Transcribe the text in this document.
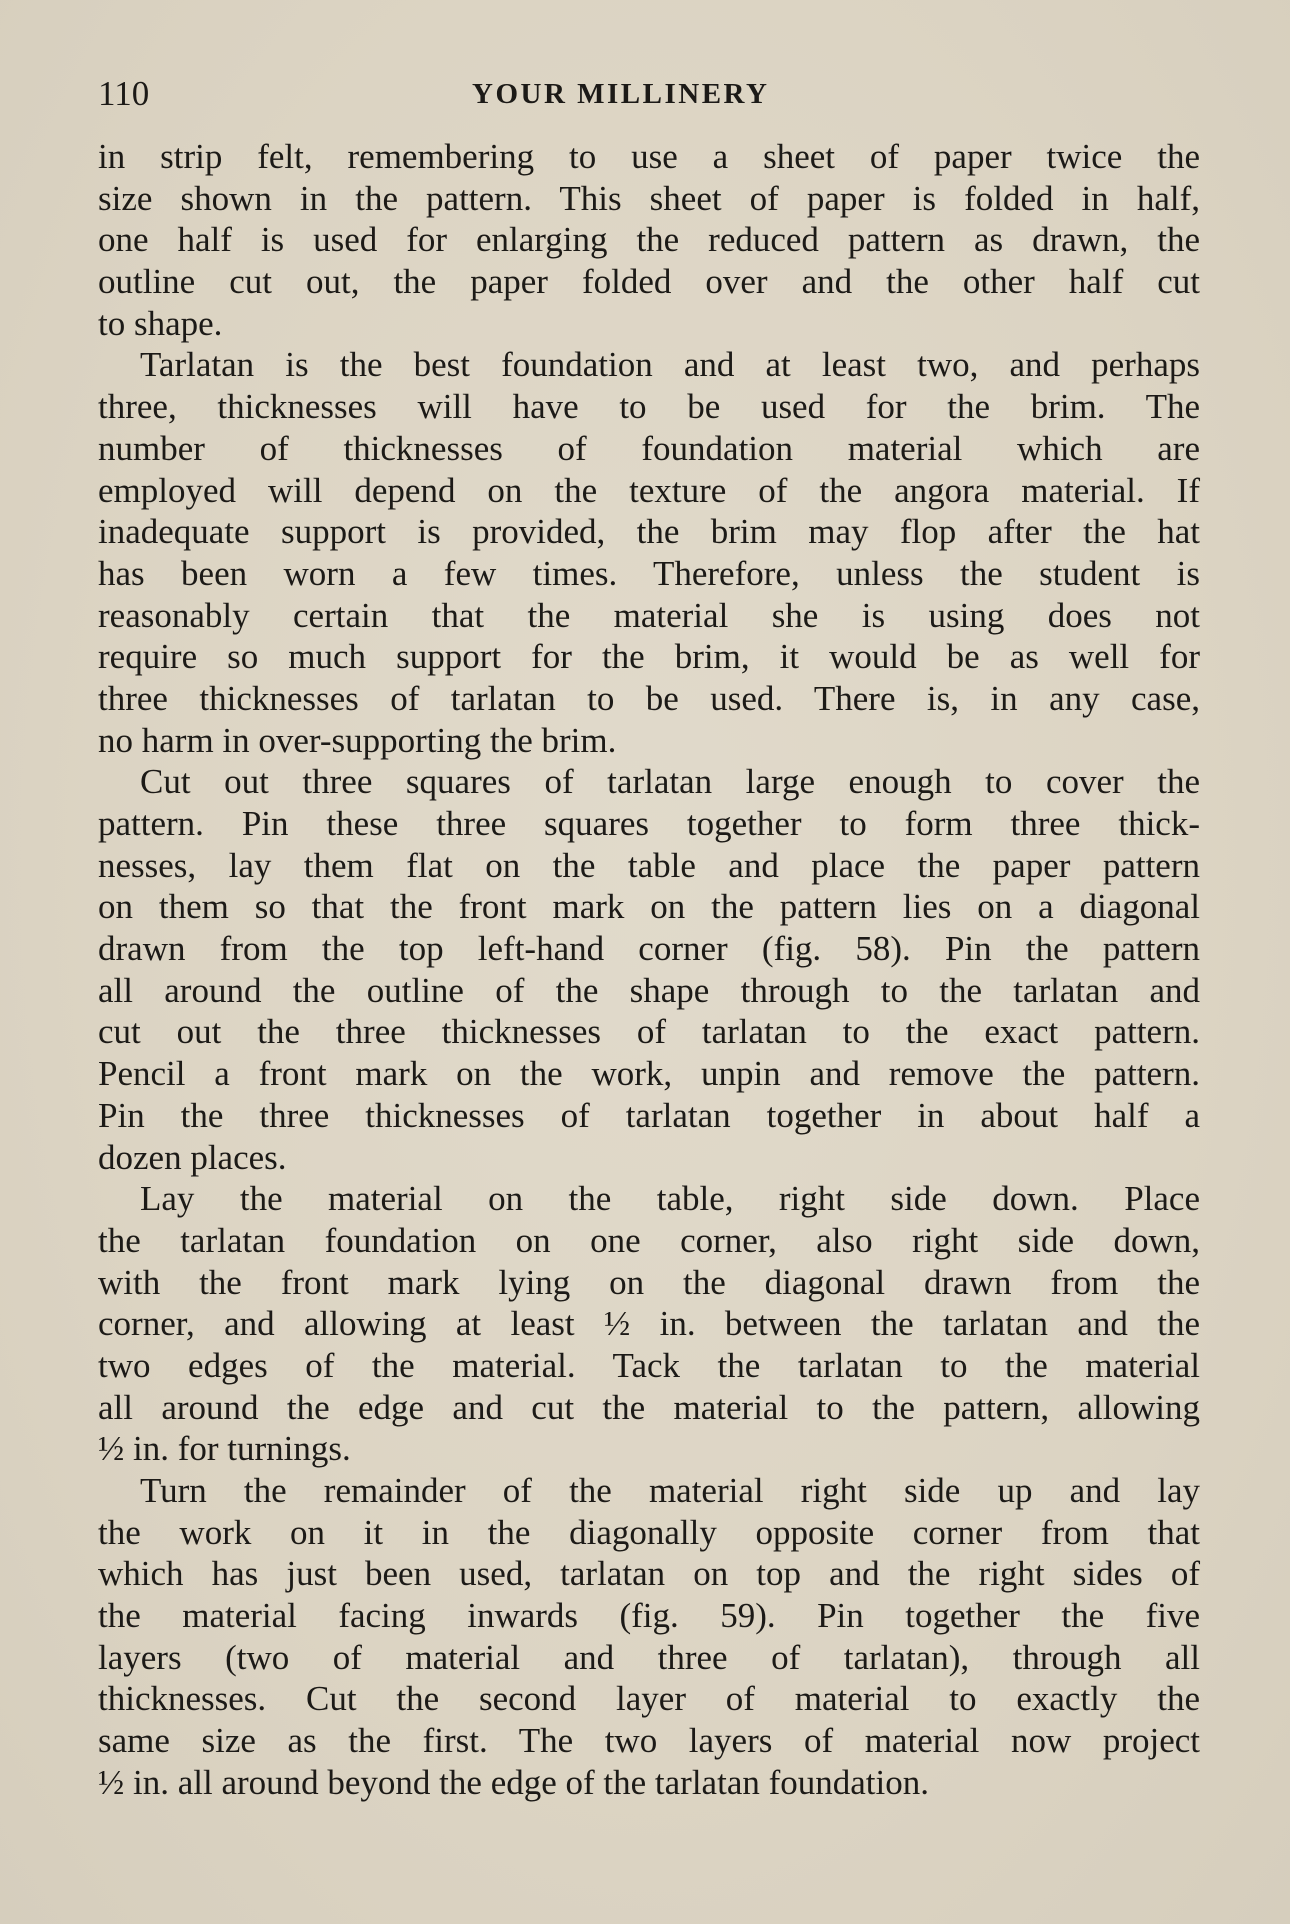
110	YOUR MILLINERY
in strip felt, remembering to use a sheet of paper twice the
size shown in the pattern. This sheet of paper is folded in half,
one half is used for enlarging the reduced pattern as drawn, the
outline cut out, the paper folded over and the other half cut
to shape.
Tarlatan is the best foundation and at least two, and perhaps
three, thicknesses will have to be used for the brim. The
number of thicknesses of foundation material which are
employed will depend on the texture of the angora material. If
inadequate support is provided, the brim may flop after the hat
has been worn a few times. Therefore, unless the student is
reasonably certain that the material she is using does not
require so much support for the brim, it would be as well for
three thicknesses of tarlatan to be used. There is, in any case,
no harm in over-supporting the brim.
Cut out three squares of tarlatan large enough to cover the
pattern. Pin these three squares together to form three thick-
nesses, lay them flat on the table and place the paper pattern
on them so that the front mark on the pattern lies on a diagonal
drawn from the top left-hand corner (fig. 58). Pin the pattern
all around the outline of the shape through to the tarlatan and
cut out the three thicknesses of tarlatan to the exact pattern.
Pencil a front mark on the work, unpin and remove the pattern.
Pin the three thicknesses of tarlatan together in about half a
dozen places.
Lay the material on the table, right side down. Place
the tarlatan foundation on one corner, also right side down,
with the front mark lying on the diagonal drawn from the
corner, and allowing at least ½ in. between the tarlatan and the
two edges of the material. Tack the tarlatan to the material
all around the edge and cut the material to the pattern, allowing
½ in. for turnings.
Turn the remainder of the material right side up and lay
the work on it in the diagonally opposite corner from that
which has just been used, tarlatan on top and the right sides of
the material facing inwards (fig. 59). Pin together the five
layers (two of material and three of tarlatan), through all
thicknesses. Cut the second layer of material to exactly the
same size as the first. The two layers of material now project
½ in. all around beyond the edge of the tarlatan foundation.
